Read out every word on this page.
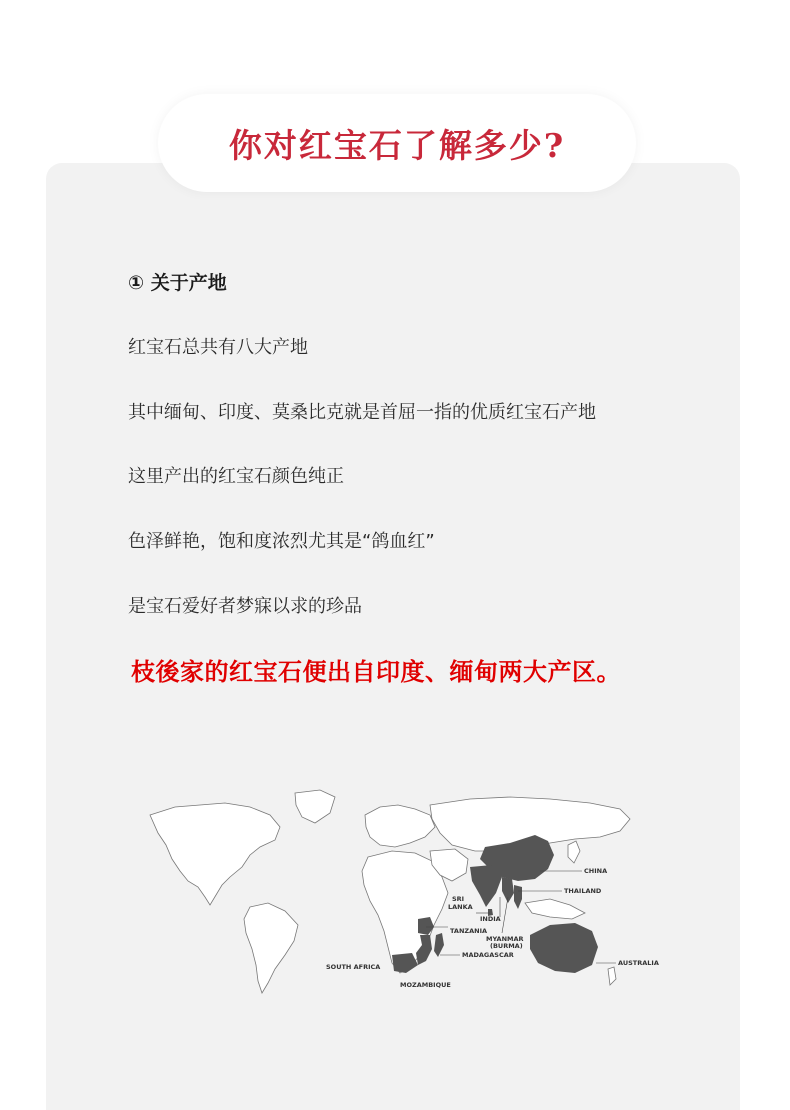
你对红宝石了解多少?
① 关于产地
红宝石总共有八大产地
其中缅甸、印度、莫桑比克就是首屈一指的优质红宝石产地
这里产出的红宝石颜色纯正
色泽鲜艳，饱和度浓烈尤其是“鸽血红”
是宝石爱好者梦寐以求的珍品
枝後家的红宝石便出自印度、缅甸两大产区。
CHINA
THAILAND
SRI
LANKA
INDIA
TANZANIA
MYANMAR
(BURMA)
MADAGASCAR
SOUTH AFRICA
MOZAMBIQUE
AUSTRALIA
